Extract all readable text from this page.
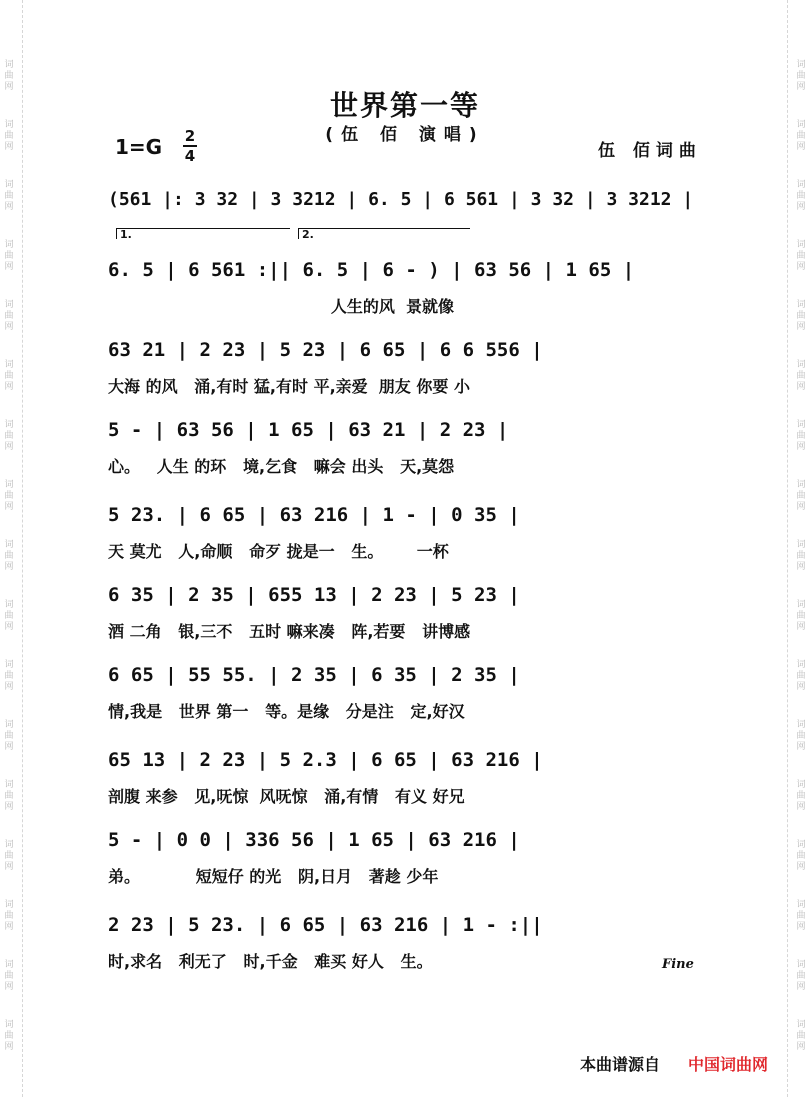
词曲网
词曲网
词曲网
词曲网
词曲网
词曲网
词曲网
词曲网
词曲网
词曲网
词曲网
词曲网
词曲网
词曲网
词曲网
词曲网
词曲网
词曲网
词曲网
词曲网
词曲网
词曲网
词曲网
词曲网
词曲网
词曲网
词曲网
词曲网
词曲网
词曲网
词曲网
词曲网
词曲网
词曲网
世界第一等
(伍 佰 演唱)
1=G 2
4	伍 佰词曲
1.	2.
(561 |: 3 32 | 3 3212 | 6. 5 | 6 561 | 3 32 | 3 3212 |
6. 5 | 6 561 :|| 6. 5 | 6 - ) | 63 56 | 1 65 |
人生的风  景就像
63 21 | 2 23 | 5 23 | 6 65 | 6 6 556 |
大海 的风   涌,有时 猛,有时 平,亲爱  朋友 你要 小
5 - | 63 56 | 1 65 | 63 21 | 2 23 |
心。   人生 的环   境,乞食   嘛会 出头   天,莫怨
5 23. | 6 65 | 63 216 | 1 - | 0 35 |
天 莫尤   人,命顺   命歹 拢是一   生。      一杯
6 35 | 2 35 | 655 13 | 2 23 | 5 23 |
酒 二角   银,三不   五时 嘛来凑   阵,若要   讲博感
6 65 | 55 55. | 2 35 | 6 35 | 2 35 |
情,我是   世界 第一   等。是缘   分是注   定,好汉
65 13 | 2 23 | 5 2.3 | 6 65 | 63 216 |
剖腹 来参   见,呒惊  风呒惊   涌,有情   有义 好兄
5 - | 0 0 | 336 56 | 1 65 | 63 216 |
弟。          短短仔 的光   阴,日月   著趁 少年
2 23 | 5 23. | 6 65 | 63 216 | 1 - :||
时,求名   利无了   时,千金   难买 好人   生。	Fine
本曲谱源自 中国词曲网
